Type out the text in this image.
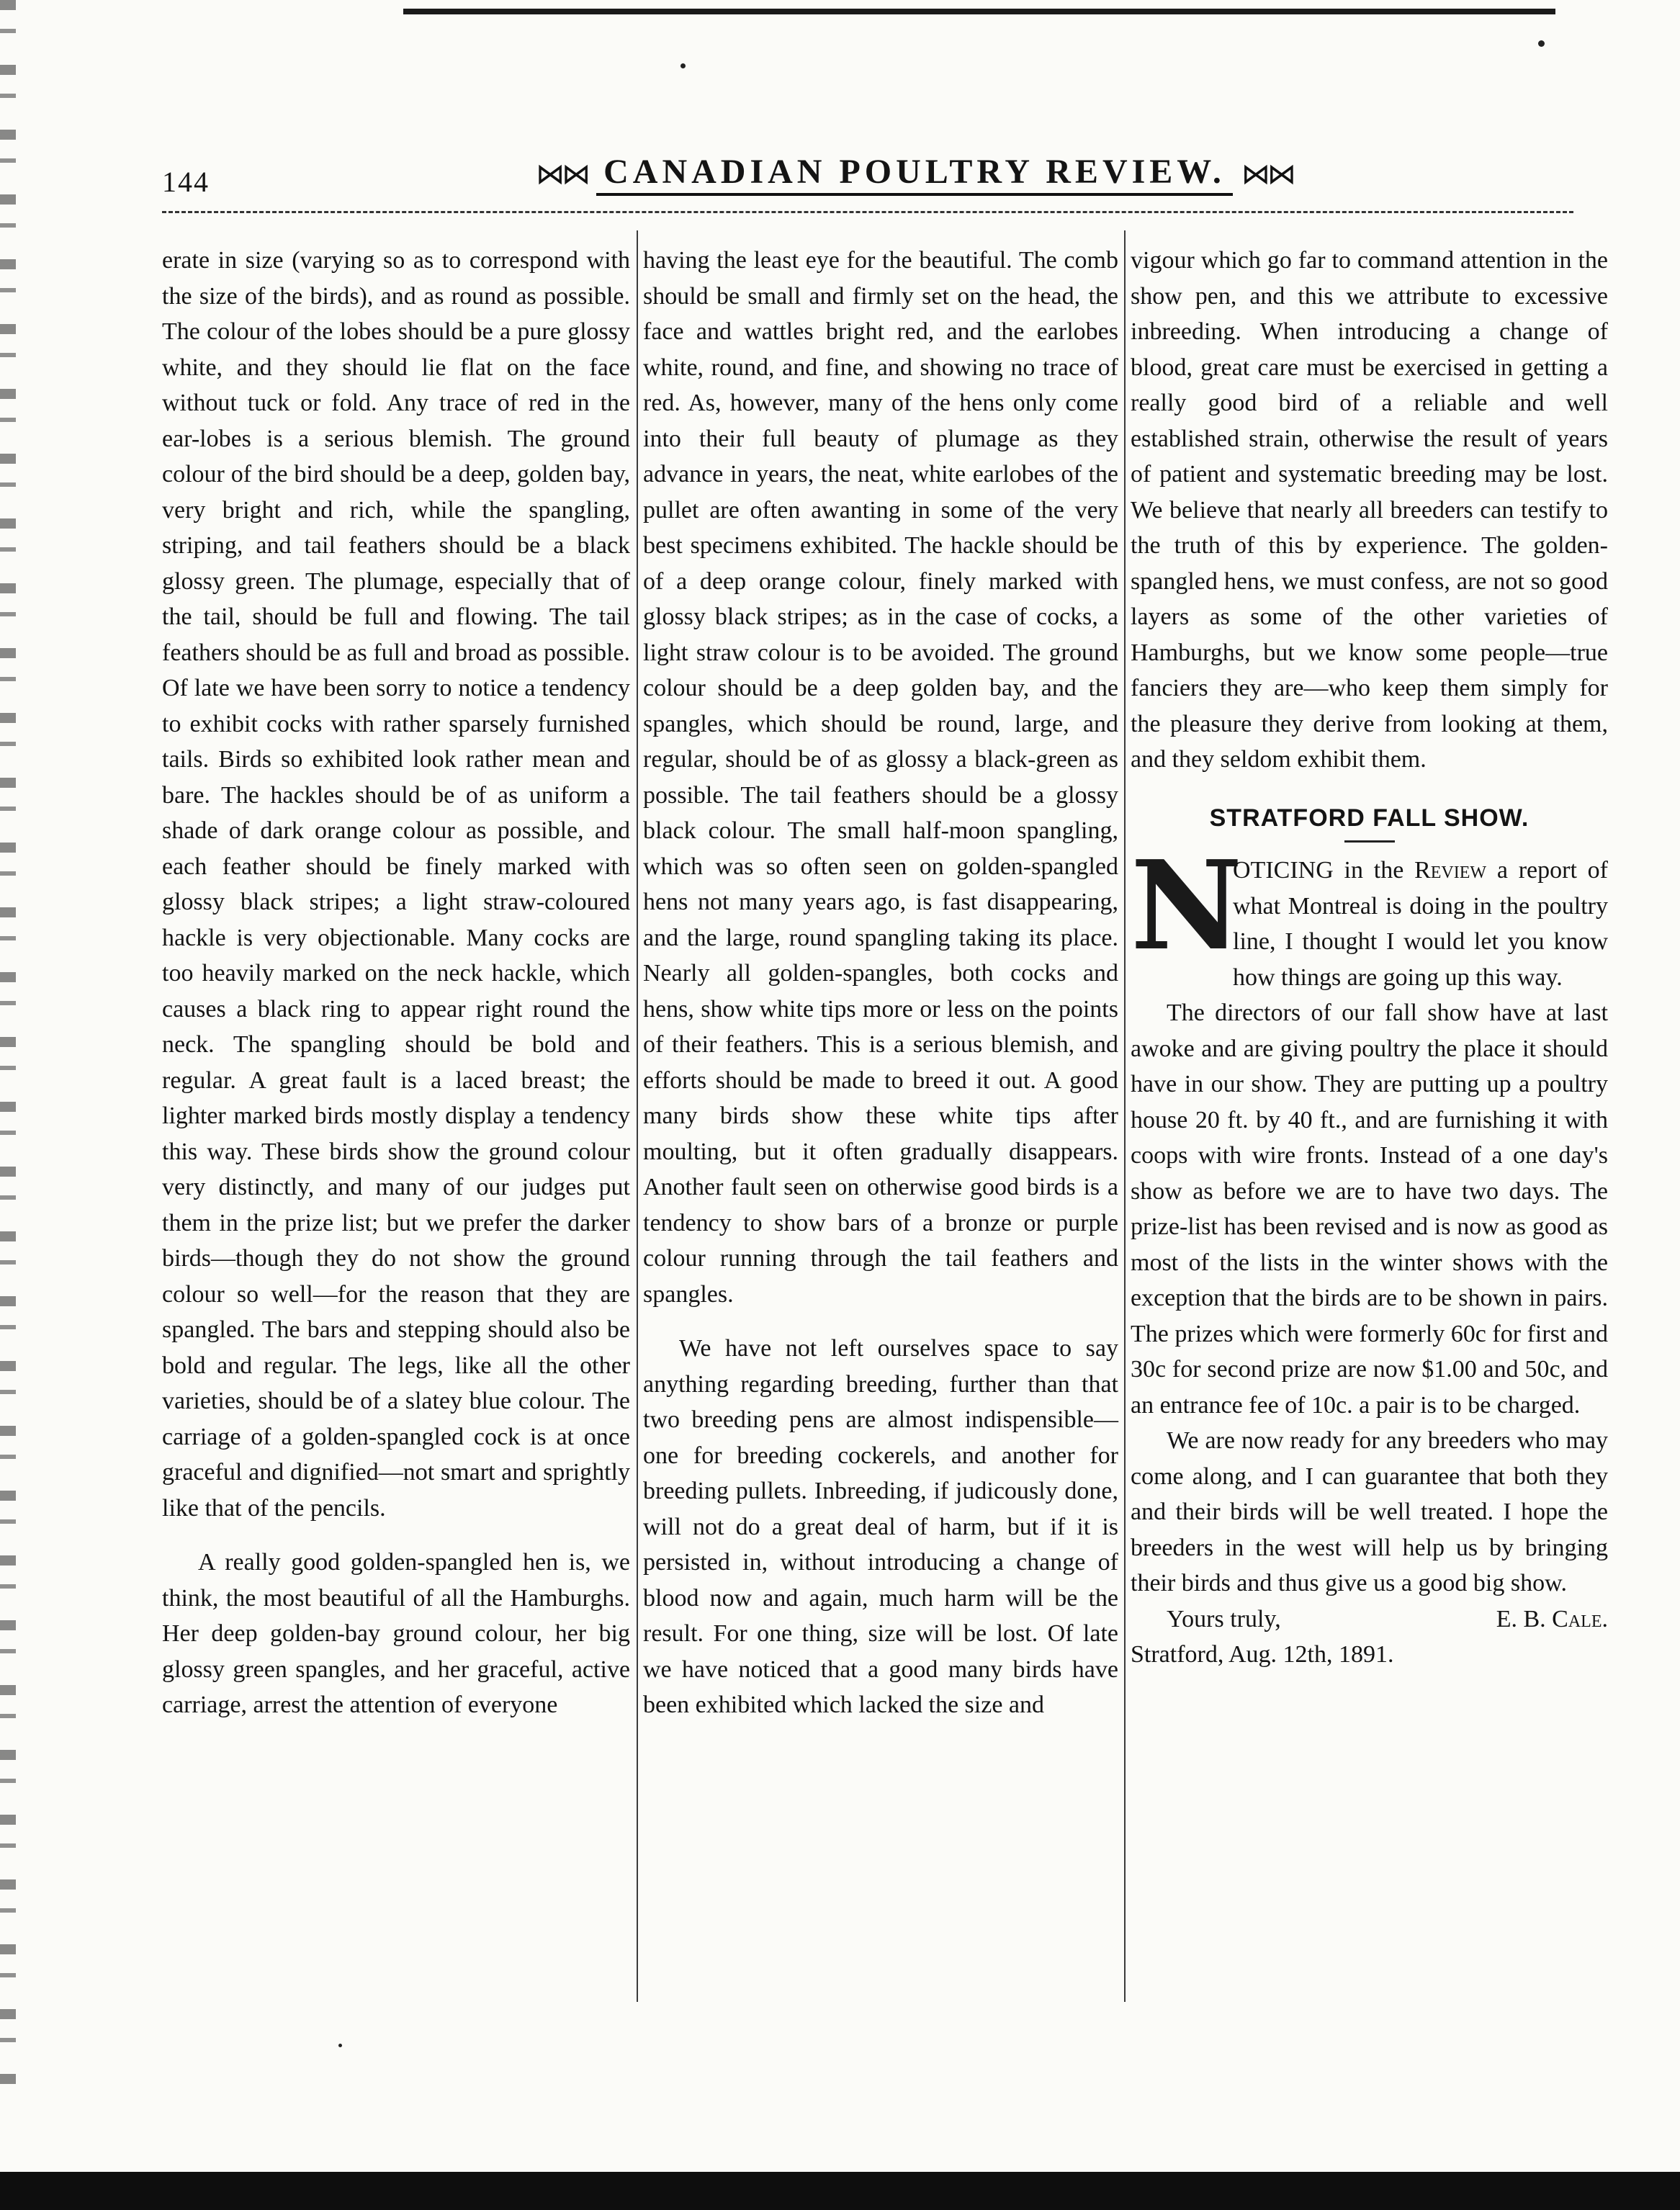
144	⋈⋈ CANADIAN POULTRY REVIEW. ⋈⋈

erate in size (varying so as to correspond with the size of the birds), and as round as possible. The colour of the lobes should be a pure glossy white, and they should lie flat on the face without tuck or fold. Any trace of red in the ear-lobes is a serious blemish. The ground colour of the bird should be a deep, golden bay, very bright and rich, while the spangling, striping, and tail feathers should be a black glossy green. The plumage, especially that of the tail, should be full and flowing. The tail feathers should be as full and broad as possible. Of late we have been sorry to notice a tendency to exhibit cocks with rather sparsely furnished tails. Birds so exhibited look rather mean and bare. The hackles should be of as uniform a shade of dark orange colour as possible, and each feather should be finely marked with glossy black stripes; a light straw-coloured hackle is very objectionable. Many cocks are too heavily marked on the neck hackle, which causes a black ring to appear right round the neck. The spangling should be bold and regular. A great fault is a laced breast; the lighter marked birds mostly display a tendency this way. These birds show the ground colour very distinctly, and many of our judges put them in the prize list; but we prefer the darker birds—though they do not show the ground colour so well—for the reason that they are spangled. The bars and stepping should also be bold and regular. The legs, like all the other varieties, should be of a slatey blue colour. The carriage of a golden-spangled cock is at once graceful and dignified—not smart and sprightly like that of the pencils.

A really good golden-spangled hen is, we think, the most beautiful of all the Hamburghs. Her deep golden-bay ground colour, her big glossy green spangles, and her graceful, active carriage, arrest the attention of everyone

having the least eye for the beautiful. The comb should be small and firmly set on the head, the face and wattles bright red, and the earlobes white, round, and fine, and showing no trace of red. As, however, many of the hens only come into their full beauty of plumage as they advance in years, the neat, white earlobes of the pullet are often awanting in some of the very best specimens exhibited. The hackle should be of a deep orange colour, finely marked with glossy black stripes; as in the case of cocks, a light straw colour is to be avoided. The ground colour should be a deep golden bay, and the spangles, which should be round, large, and regular, should be of as glossy a black-green as possible. The tail feathers should be a glossy black colour. The small half-moon spangling, which was so often seen on golden-spangled hens not many years ago, is fast disappearing, and the large, round spangling taking its place. Nearly all golden-spangles, both cocks and hens, show white tips more or less on the points of their feathers. This is a serious blemish, and efforts should be made to breed it out. A good many birds show these white tips after moulting, but it often gradually disappears. Another fault seen on otherwise good birds is a tendency to show bars of a bronze or purple colour running through the tail feathers and spangles.

We have not left ourselves space to say anything regarding breeding, further than that two breeding pens are almost indispensible—one for breeding cockerels, and another for breeding pullets. Inbreeding, if judicously done, will not do a great deal of harm, but if it is persisted in, without introducing a change of blood now and again, much harm will be the result. For one thing, size will be lost. Of late we have noticed that a good many birds have been exhibited which lacked the size and

vigour which go far to command attention in the show pen, and this we attribute to excessive inbreeding. When introducing a change of blood, great care must be exercised in getting a really good bird of a reliable and well established strain, otherwise the result of years of patient and systematic breeding may be lost. We believe that nearly all breeders can testify to the truth of this by experience. The golden-spangled hens, we must confess, are not so good layers as some of the other varieties of Hamburghs, but we know some people—true fanciers they are—who keep them simply for the pleasure they derive from looking at them, and they seldom exhibit them.

STRATFORD FALL SHOW.

N
OTICING in the Review a report of what Montreal is doing in the poultry line, I thought I would let you know how things are going up this way.

The directors of our fall show have at last awoke and are giving poultry the place it should have in our show. They are putting up a poultry house 20 ft. by 40 ft., and are furnishing it with coops with wire fronts. Instead of a one day's show as before we are to have two days. The prize-list has been revised and is now as good as most of the lists in the winter shows with the exception that the birds are to be shown in pairs. The prizes which were formerly 60c for first and 30c for second prize are now $1.00 and 50c, and an entrance fee of 10c. a pair is to be charged.

We are now ready for any breeders who may come along, and I can guarantee that both they and their birds will be well treated. I hope the breeders in the west will help us by bringing their birds and thus give us a good big show.

Yours truly,	E. B. Cale.

Stratford, Aug. 12th, 1891.
